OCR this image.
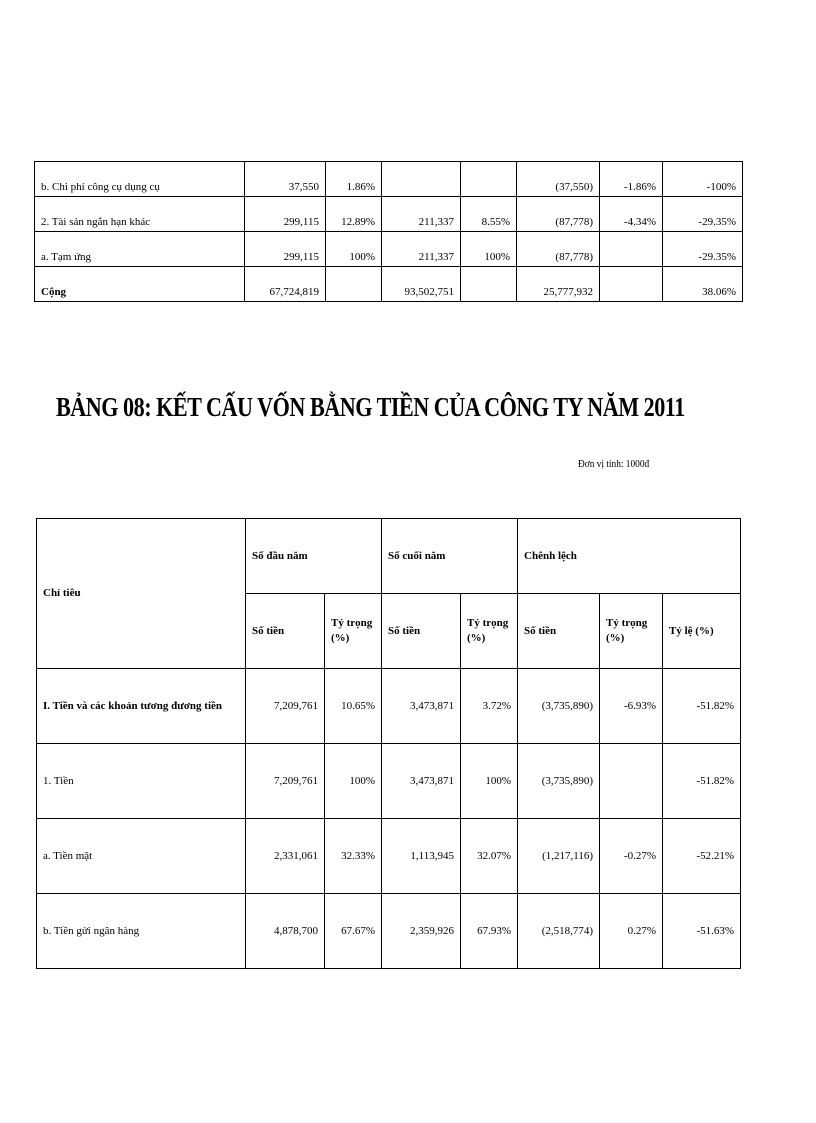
b. Chi phí công cụ dụng cụ	37,550	1.86%			(37,550)	-1.86%	-100%
2. Tài sản ngắn hạn khác	299,115	12.89%	211,337	8.55%	(87,778)	-4.34%	-29.35%
a. Tạm ứng	299,115	100%	211,337	100%	(87,778)		-29.35%
Cộng	67,724,819		93,502,751		25,777,932		38.06%
BẢNG 08: KẾT CẤU VỐN BẰNG TIỀN CỦA CÔNG TY NĂM 2011
Đơn vị tính: 1000đ
Chỉ tiêu	Số đầu năm		Số cuối năm		Chênh lệch		
	Số tiền	Tỷ trọng (%)	Số tiền	Tỷ trọng (%)	Số tiền	Tỷ trọng (%)	Tỷ lệ (%)
I. Tiền và các khoản tương đương tiền	7,209,761	10.65%	3,473,871	3.72%	(3,735,890)	-6.93%	-51.82%
1. Tiền	7,209,761	100%	3,473,871	100%	(3,735,890)		-51.82%
a. Tiền mặt	2,331,061	32.33%	1,113,945	32.07%	(1,217,116)	-0.27%	-52.21%
b. Tiền gửi ngân hàng	4,878,700	67.67%	2,359,926	67.93%	(2,518,774)	0.27%	-51.63%
